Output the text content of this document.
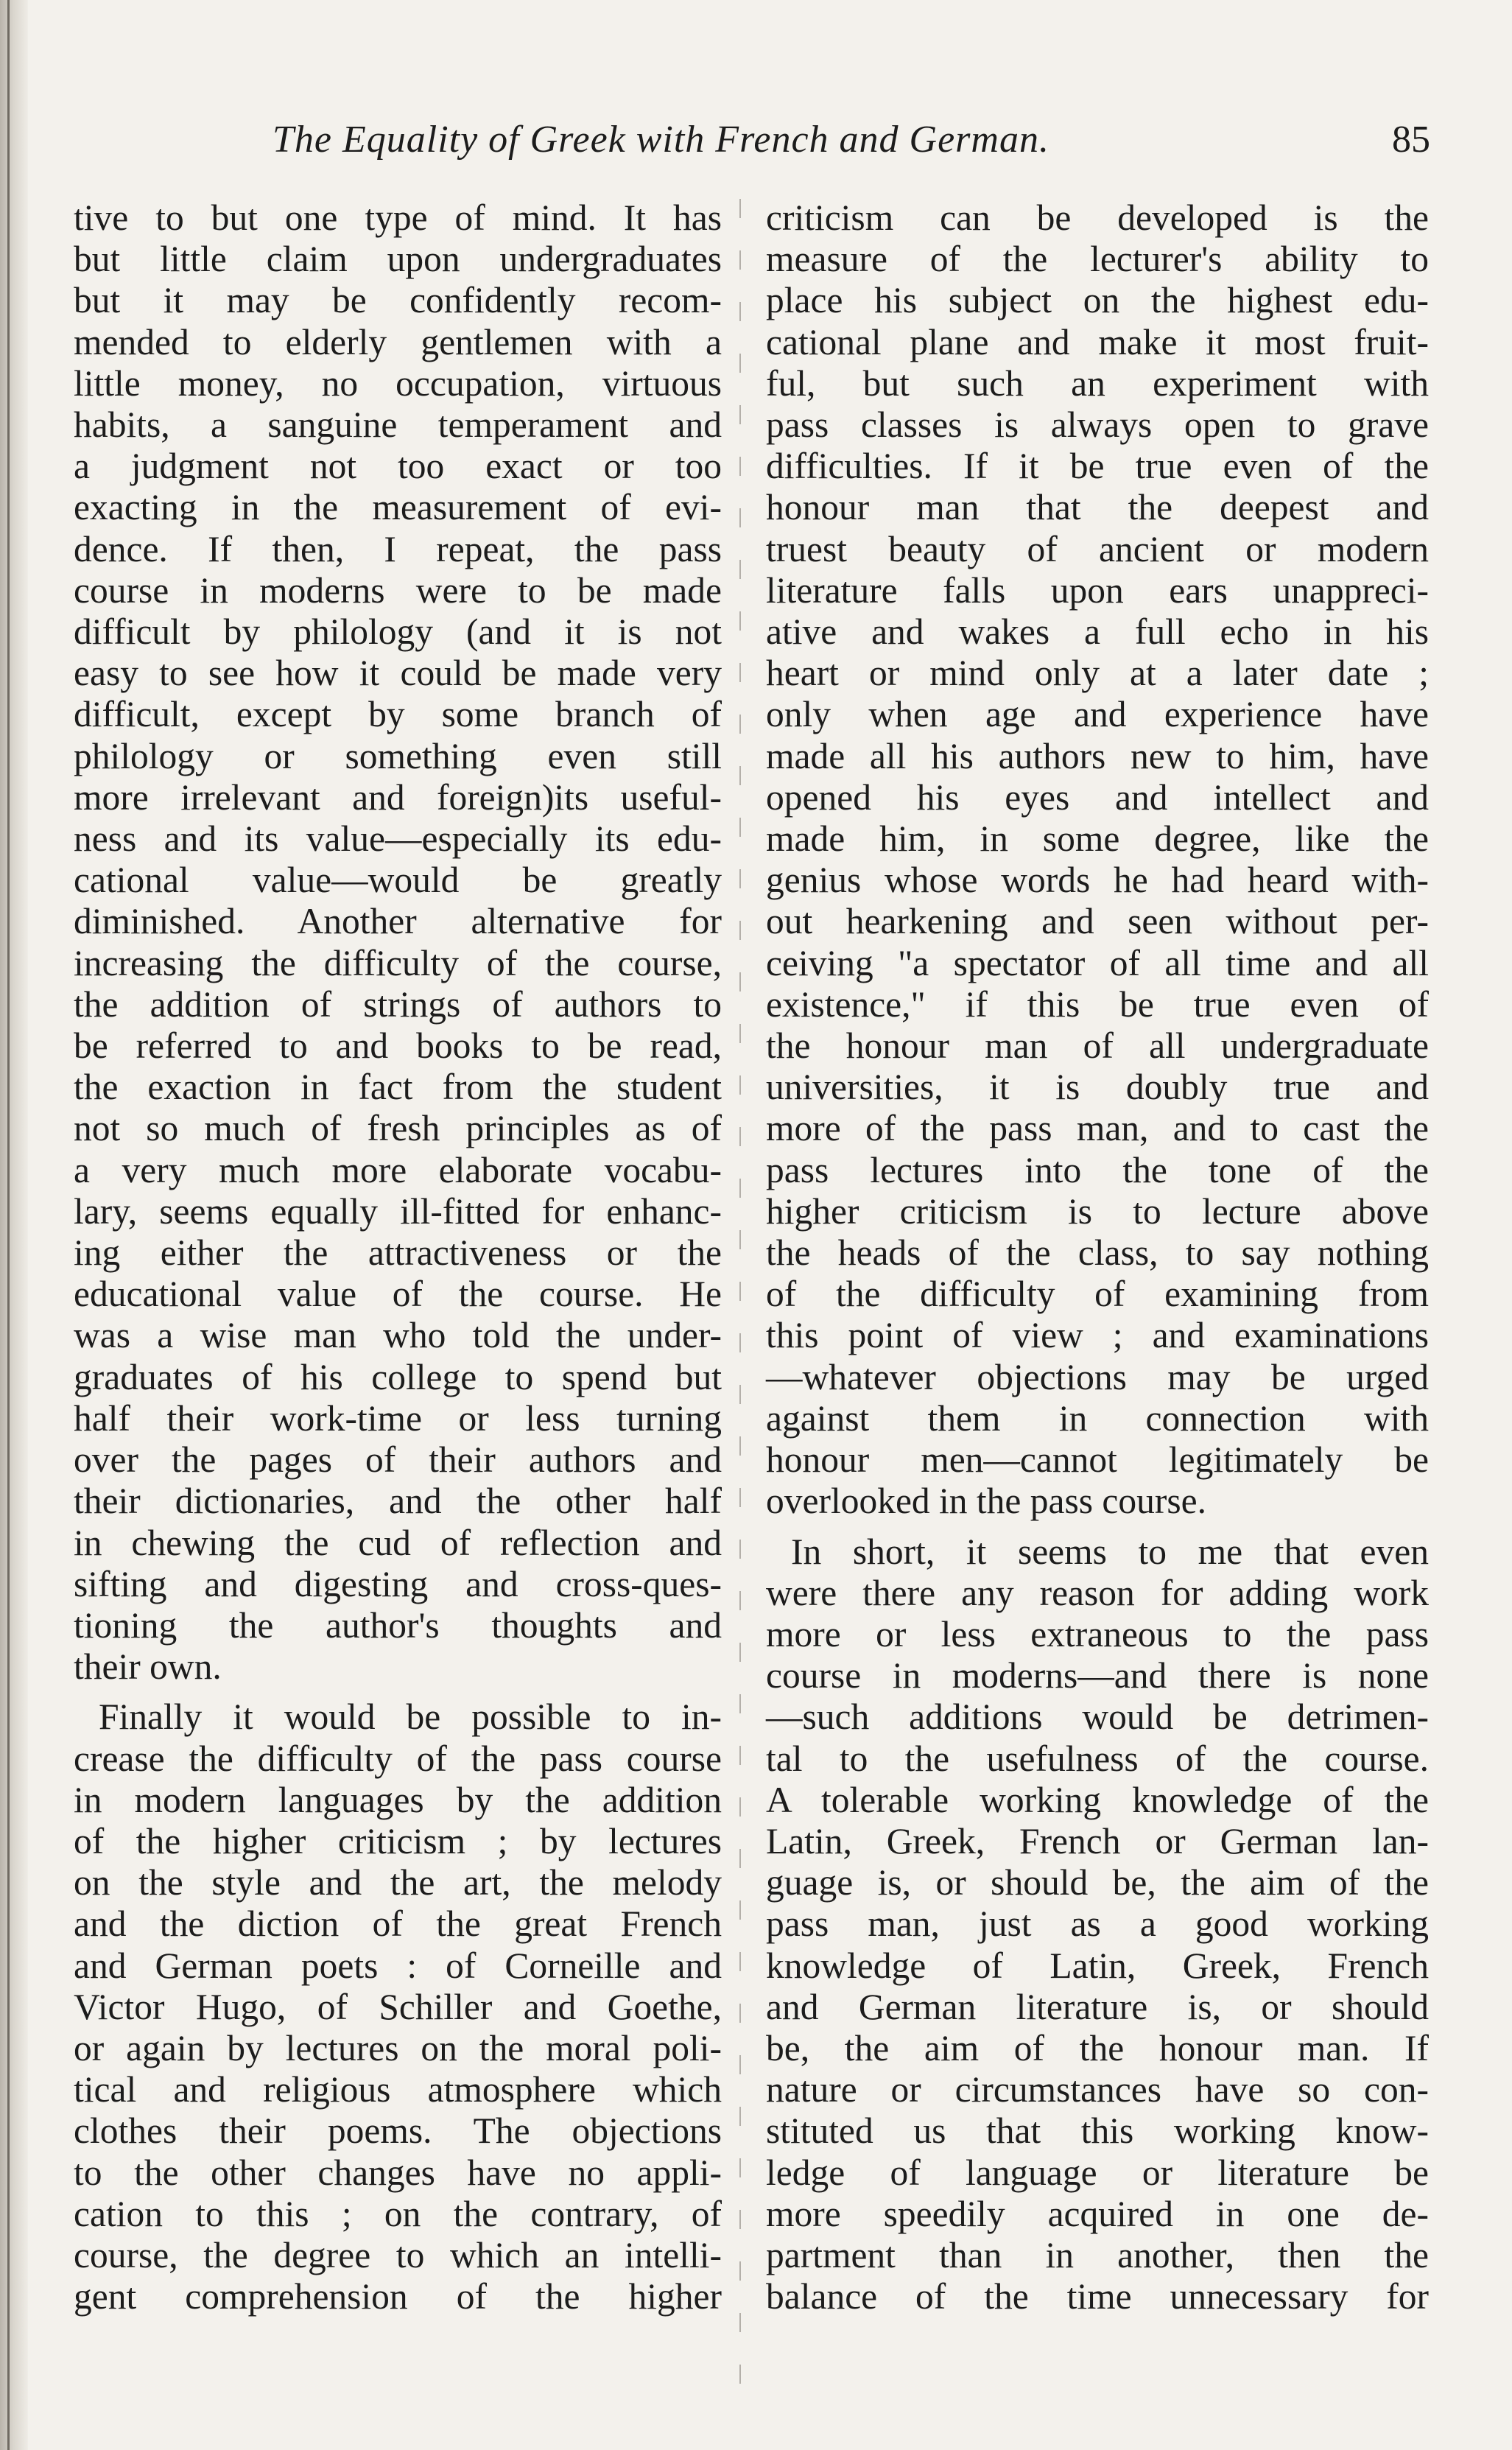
The Equality of Greek with French and German.	85
tive to but one type of mind. It has
but little claim upon undergraduates
but it may be confidently recom-
mended to elderly gentlemen with a
little money, no occupation, virtuous
habits, a sanguine temperament and
a judgment not too exact or too
exacting in the measurement of evi-
dence. If then, I repeat, the pass
course in moderns were to be made
difficult by philology (and it is not
easy to see how it could be made very
difficult, except by some branch of
philology or something even still
more irrelevant and foreign)its useful-
ness and its value—especially its edu-
cational value—would be greatly
diminished. Another alternative for
increasing the difficulty of the course,
the addition of strings of authors to
be referred to and books to be read,
the exaction in fact from the student
not so much of fresh principles as of
a very much more elaborate vocabu-
lary, seems equally ill-fitted for enhanc-
ing either the attractiveness or the
educational value of the course. He
was a wise man who told the under-
graduates of his college to spend but
half their work-time or less turning
over the pages of their authors and
their dictionaries, and the other half
in chewing the cud of reflection and
sifting and digesting and cross-ques-
tioning the author's thoughts and
their own.
Finally it would be possible to in-
crease the difficulty of the pass course
in modern languages by the addition
of the higher criticism ; by lectures
on the style and the art, the melody
and the diction of the great French
and German poets : of Corneille and
Victor Hugo, of Schiller and Goethe,
or again by lectures on the moral poli-
tical and religious atmosphere which
clothes their poems. The objections
to the other changes have no appli-
cation to this ; on the contrary, of
course, the degree to which an intelli-
gent comprehension of the higher
criticism can be developed is the
measure of the lecturer's ability to
place his subject on the highest edu-
cational plane and make it most fruit-
ful, but such an experiment with
pass classes is always open to grave
difficulties. If it be true even of the
honour man that the deepest and
truest beauty of ancient or modern
literature falls upon ears unappreci-
ative and wakes a full echo in his
heart or mind only at a later date ;
only when age and experience have
made all his authors new to him, have
opened his eyes and intellect and
made him, in some degree, like the
genius whose words he had heard with-
out hearkening and seen without per-
ceiving "a spectator of all time and all
existence," if this be true even of
the honour man of all undergraduate
universities, it is doubly true and
more of the pass man, and to cast the
pass lectures into the tone of the
higher criticism is to lecture above
the heads of the class, to say nothing
of the difficulty of examining from
this point of view ; and examinations
—whatever objections may be urged
against them in connection with
honour men—cannot legitimately be
overlooked in the pass course.
In short, it seems to me that even
were there any reason for adding work
more or less extraneous to the pass
course in moderns—and there is none
—such additions would be detrimen-
tal to the usefulness of the course.
A tolerable working knowledge of the
Latin, Greek, French or German lan-
guage is, or should be, the aim of the
pass man, just as a good working
knowledge of Latin, Greek, French
and German literature is, or should
be, the aim of the honour man. If
nature or circumstances have so con-
stituted us that this working know-
ledge of language or literature be
more speedily acquired in one de-
partment than in another, then the
balance of the time unnecessary for
